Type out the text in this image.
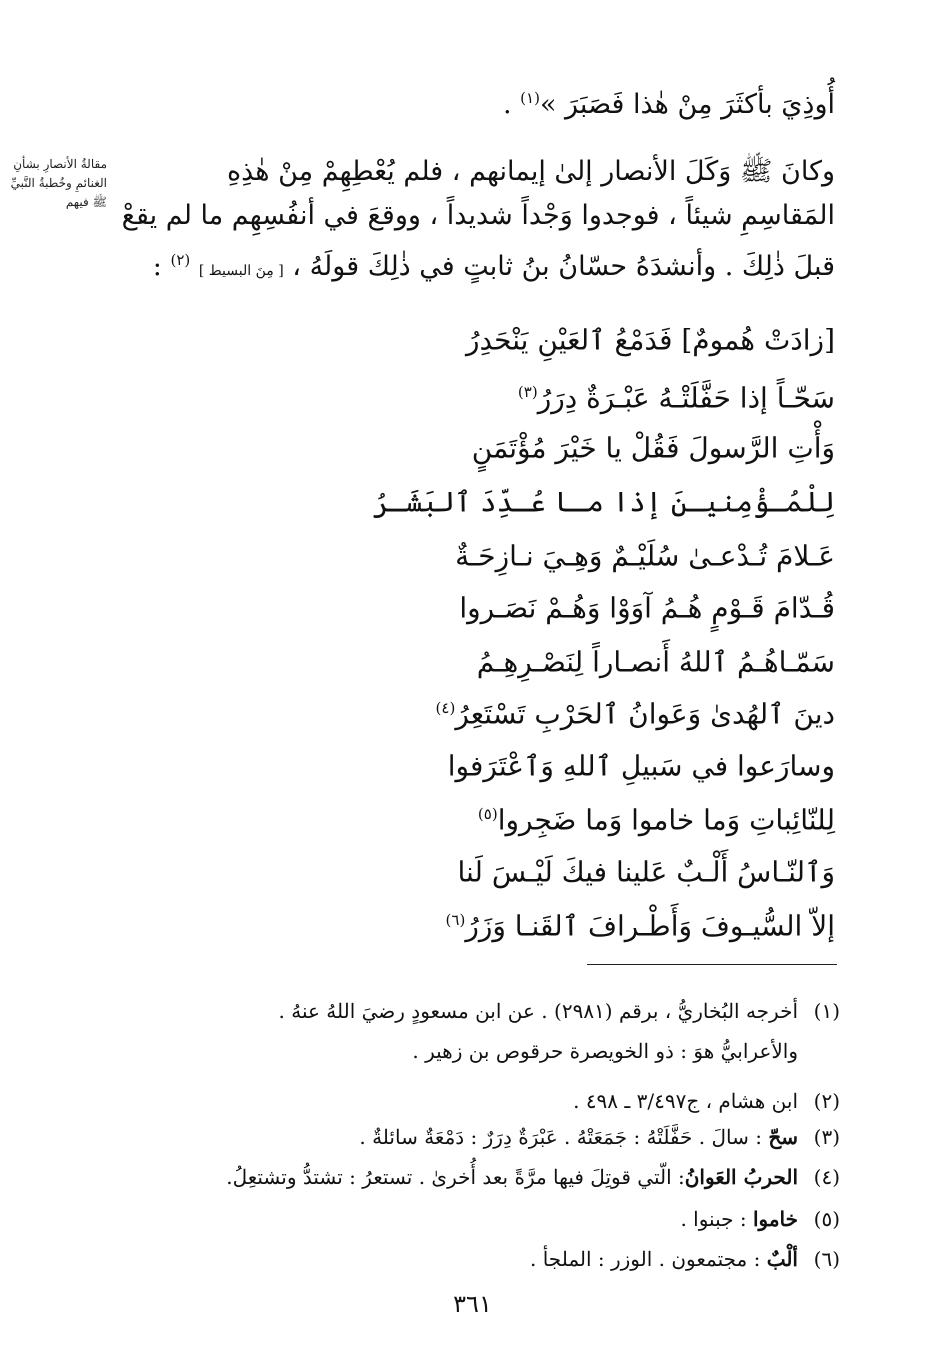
أُوذِيَ بأكثَرَ مِنْ هٰذا فَصَبَرَ »$^{(١)}$ .
وكانَ ﷺ وَكَلَ الأنصار إلىٰ إيمانهم ، فلم يُعْطِهِمْ مِنْ هٰذِهِ
المَقاسِمِ شيئاً ، فوجدوا وَجْداً شديداً ، ووقعَ في أنفُسِهِم ما لم يقعْ
قبلَ ذٰلِكَ . وأنشدَهُ حسّانُ بنُ ثابتٍ في ذٰلِكَ قولَهُ ، [ مِنَ البسيط ] $^{(٢)}$ :
مقالةُ الأنصارِ بشأنِ الغنائمِ وخُطبةُ النَّبيِّ ﷺ فيهم
[زادَتْ هُمومٌ] فَدَمْعُ ٱلعَيْنِ يَنْحَدِرُ
سَحّـاً إذا حَفَّلَتْـهُ عَبْـرَةٌ دِرَرُ$^{(٣)}$
وَأْتِ الرَّسولَ فَقُلْ يا خَيْرَ مُؤْتَمَنٍ
لِلْمُـؤْمِنيـنَ إذا مـا عُـدِّدَ ٱلبَشَـرُ
عَـلامَ تُـدْعـىٰ سُلَيْـمٌ وَهِـيَ نـازِحَـةٌ
قُـدّامَ قَـوْمٍ هُـمُ آوَوْا وَهُـمْ نَصَـروا
سَمّـاهُـمُ ٱللهُ أَنصـاراً لِنَصْـرِهِـمُ
دينَ ٱلهُدىٰ وَعَوانُ ٱلحَرْبِ تَسْتَعِرُ$^{(٤)}$
وسارَعوا في سَبيلِ ٱللهِ وَٱعْتَرَفوا
لِلنّائِباتِ وَما خاموا وَما ضَجِروا$^{(٥)}$
وَٱلنّـاسُ أَلْـبٌ عَلينا فيكَ لَيْـسَ لَنا
إلاّ السُّيـوفَ وَأَطْـرافَ ٱلقَنـا وَزَرُ$^{(٦)}$
(١)أخرجه البُخاريُّ ، برقم (٢٩٨١) . عن ابن مسعودٍ رضيَ اللهُ عنهُ .
والأعرابيُّ هوَ : ذو الخويصرة حرقوص بن زهير .
(٢)ابن هشام ، ج٣/٤٩٧ ـ ٤٩٨ .
(٣)سحّ : سالَ . حَفَّلَتْهُ : جَمَعَتْهُ . عَبْرَةٌ دِرَرٌ : دَمْعَةٌ سائلةٌ .
(٤)الحربُ العَوانُ: الّتي قوتِلَ فيها مرَّةً بعد أُخرىٰ . تستعرُ : تشتدُّ وتشتعِلُ.
(٥)خاموا : جبنوا .
(٦)ألْبٌ : مجتمعون . الوزر : الملجأ .
٣٦١
